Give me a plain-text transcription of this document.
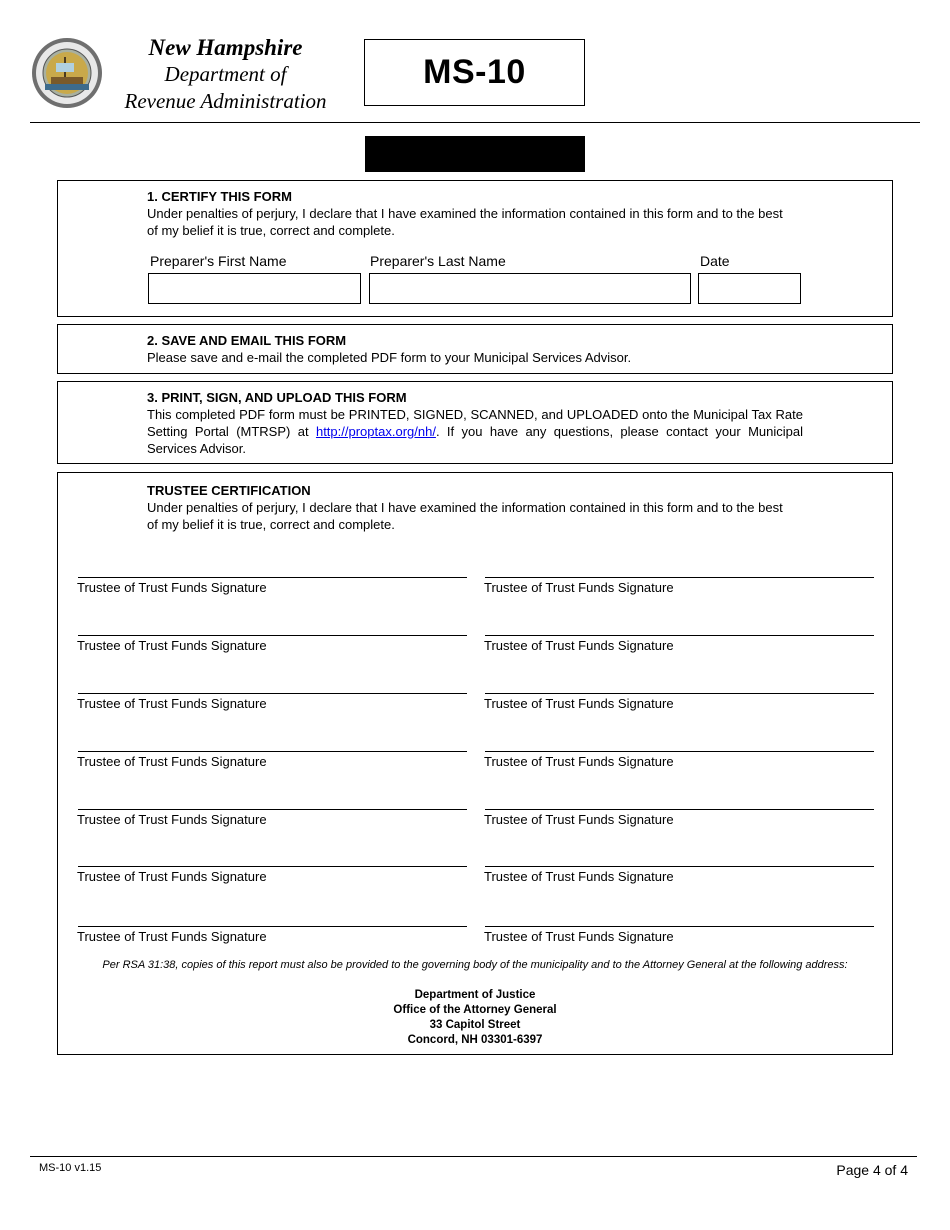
New Hampshire
Department of
Revenue Administration
MS-10
1. CERTIFY THIS FORM
Under penalties of perjury, I declare that I have examined the information contained in this form and to the best
of my belief it is true, correct and complete.
Preparer's First Name	Preparer's Last Name	Date
2. SAVE AND EMAIL THIS FORM
Please save and e-mail the completed PDF form to your Municipal Services Advisor.
3. PRINT, SIGN, AND UPLOAD THIS FORM
This completed PDF form must be PRINTED, SIGNED, SCANNED, and UPLOADED onto the Municipal Tax Rate Setting Portal (MTRSP) at http://proptax.org/nh/. If you have any questions, please contact your Municipal Services Advisor.
TRUSTEE CERTIFICATION
Under penalties of perjury, I declare that I have examined the information contained in this form and to the best
of my belief it is true, correct and complete.
Trustee of Trust Funds Signature	Trustee of Trust Funds Signature
Trustee of Trust Funds Signature	Trustee of Trust Funds Signature
Trustee of Trust Funds Signature	Trustee of Trust Funds Signature
Trustee of Trust Funds Signature	Trustee of Trust Funds Signature
Trustee of Trust Funds Signature	Trustee of Trust Funds Signature
Trustee of Trust Funds Signature	Trustee of Trust Funds Signature
Trustee of Trust Funds Signature	Trustee of Trust Funds Signature
Per RSA 31:38, copies of this report must also be provided to the governing body of the municipality and to the Attorney General at the following address:
Department of Justice
Office of the Attorney General
33 Capitol Street
Concord, NH 03301-6397
MS-10 v1.15	Page 4 of 4
